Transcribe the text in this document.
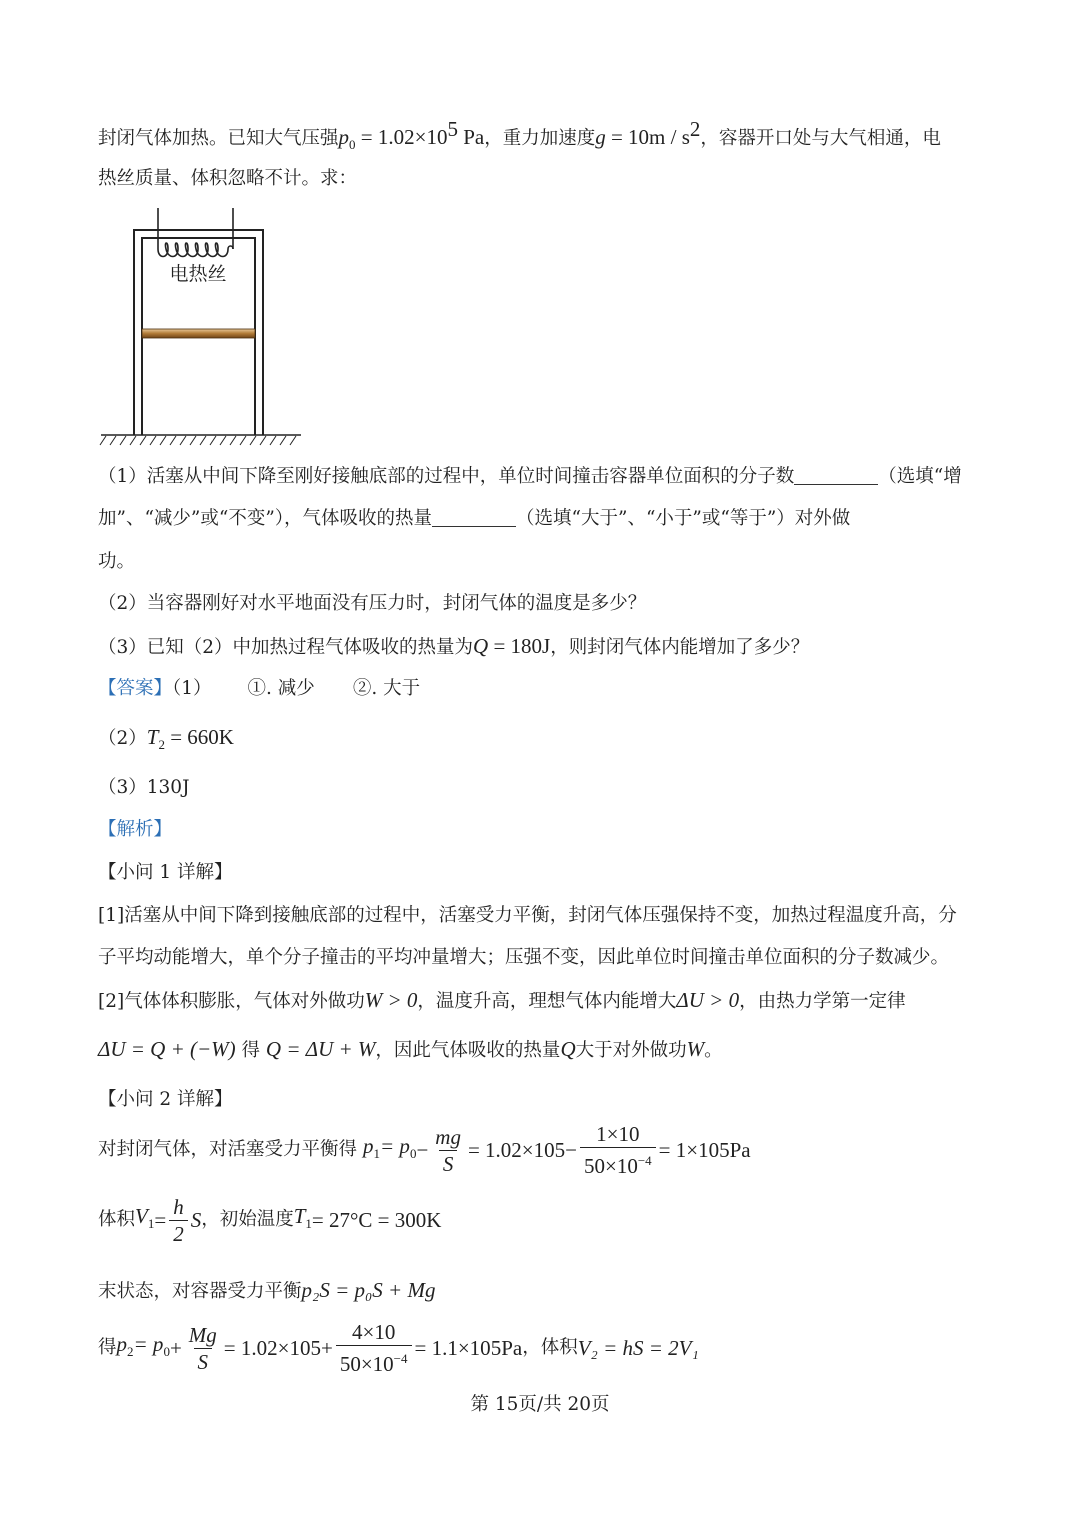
封闭气体加热。已知大气压强$p_0 = 1.02\times 10^5$ Pa，重力加速度$g = 10m / s^2$，容器开口处与大气相通，电
热丝质量、体积忽略不计。求：
电热丝
（1）活塞从中间下降至刚好接触底部的过程中，单位时间撞击容器单位面积的分子数	（选填“增
加”、“减少”或“不变”），气体吸收的热量	（选填“大于”、“小于”或“等于”）对外做
功。
（2）当容器刚好对水平地面没有压力时，封闭气体的温度是多少？
（3）已知（2）中加热过程气体吸收的热量为Q = 180J，则封闭气体内能增加了多少？
【答案】（1） ①. 减少 ②. 大于
$(2)T_2 = 660K$
（3）130J
【解析】
【小问 1 详解】
[1]活塞从中间下降到接触底部的过程中，活塞受力平衡，封闭气体压强保持不变，加热过程温度升高，分
子平均动能增大，单个分子撞击的平均冲量增大；压强不变，因此单位时间撞击单位面积的分子数减少。
[2]气体体积膨胀，气体对外做功W > 0，温度升高，理想气体内能增大ΔU > 0，由热力学第一定律
ΔU = Q + (−W) 得 Q = ΔU + W，因此气体吸收的热量Q大于对外做功W。
【小问 2 详解】
对封闭气体，对活塞受力平衡得 $p_1 = p_0 - \frac{mg}{S} = 1.02\times 10$ $5 - \frac{1\times 10}{50\times 10^{-4}} = 1\times 10$ 5 Pa
体积 $V_1 = \frac{h}{2}$ S ，初始温度 $T_1 = 27^\circ C = 300K$
末状态，对容器受力平衡p₂S = p₀S + Mg
得 $p_2 = p_0 + \frac{Mg}{S} = 1.02\times 10$ $5 + \frac{4\times 10}{50\times 10^{-4}} = 1.1\times 10$ 5 Pa ，体积 V₂ = hS = 2V₁
第 15页/共 20页
